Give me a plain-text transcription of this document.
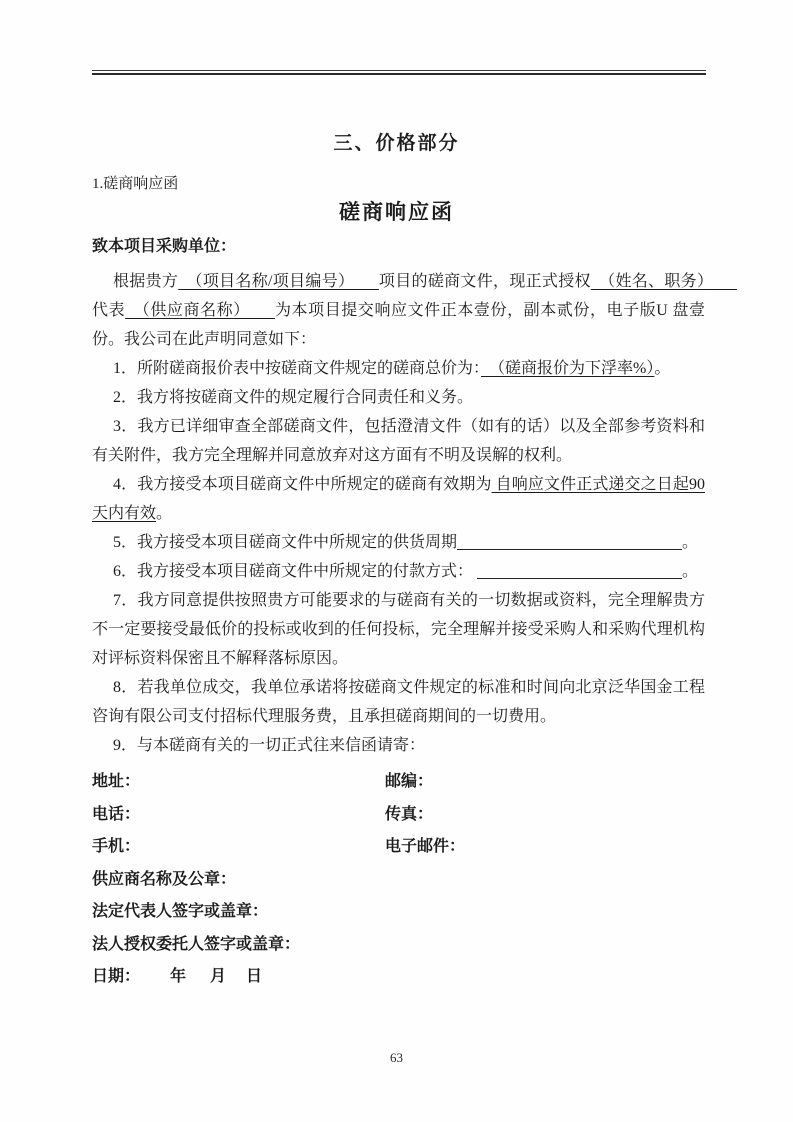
三、价格部分
1.磋商响应函
磋商响应函
致本项目采购单位：

根据贵方　（项目名称/项目编号）　　项目的磋商文件，现正式授权　（姓名、职务）　　代表　（供应商名称）　　为本项目提交响应文件正本壹份，副本贰份，电子版U 盘壹份。我公司在此声明同意如下：

1．所附磋商报价表中按磋商文件规定的磋商总价为：　（磋商报价为下浮率%）。

2．我方将按磋商文件的规定履行合同责任和义务。

3．我方已详细审查全部磋商文件，包括澄清文件（如有的话）以及全部参考资料和有关附件，我方完全理解并同意放弃对这方面有不明及误解的权利。

4．我方接受本项目磋商文件中所规定的磋商有效期为 自响应文件正式递交之日起90 天内有效。

5．我方接受本项目磋商文件中所规定的供货周期	。

6．我方接受本项目磋商文件中所规定的付款方式：	。

7．我方同意提供按照贵方可能要求的与磋商有关的一切数据或资料，完全理解贵方不一定要接受最低价的投标或收到的任何投标，完全理解并接受采购人和采购代理机构对评标资料保密且不解释落标原因。

8．若我单位成交，我单位承诺将按磋商文件规定的标准和时间向北京泛华国金工程咨询有限公司支付招标代理服务费，且承担磋商期间的一切费用。

9．与本磋商有关的一切正式往来信函请寄：

地址：	邮编：
电话：	传真：
手机：	电子邮件：
供应商名称及公章：
法定代表人签字或盖章：
法人授权委托人签字或盖章：
日期： 年 月 日
63
